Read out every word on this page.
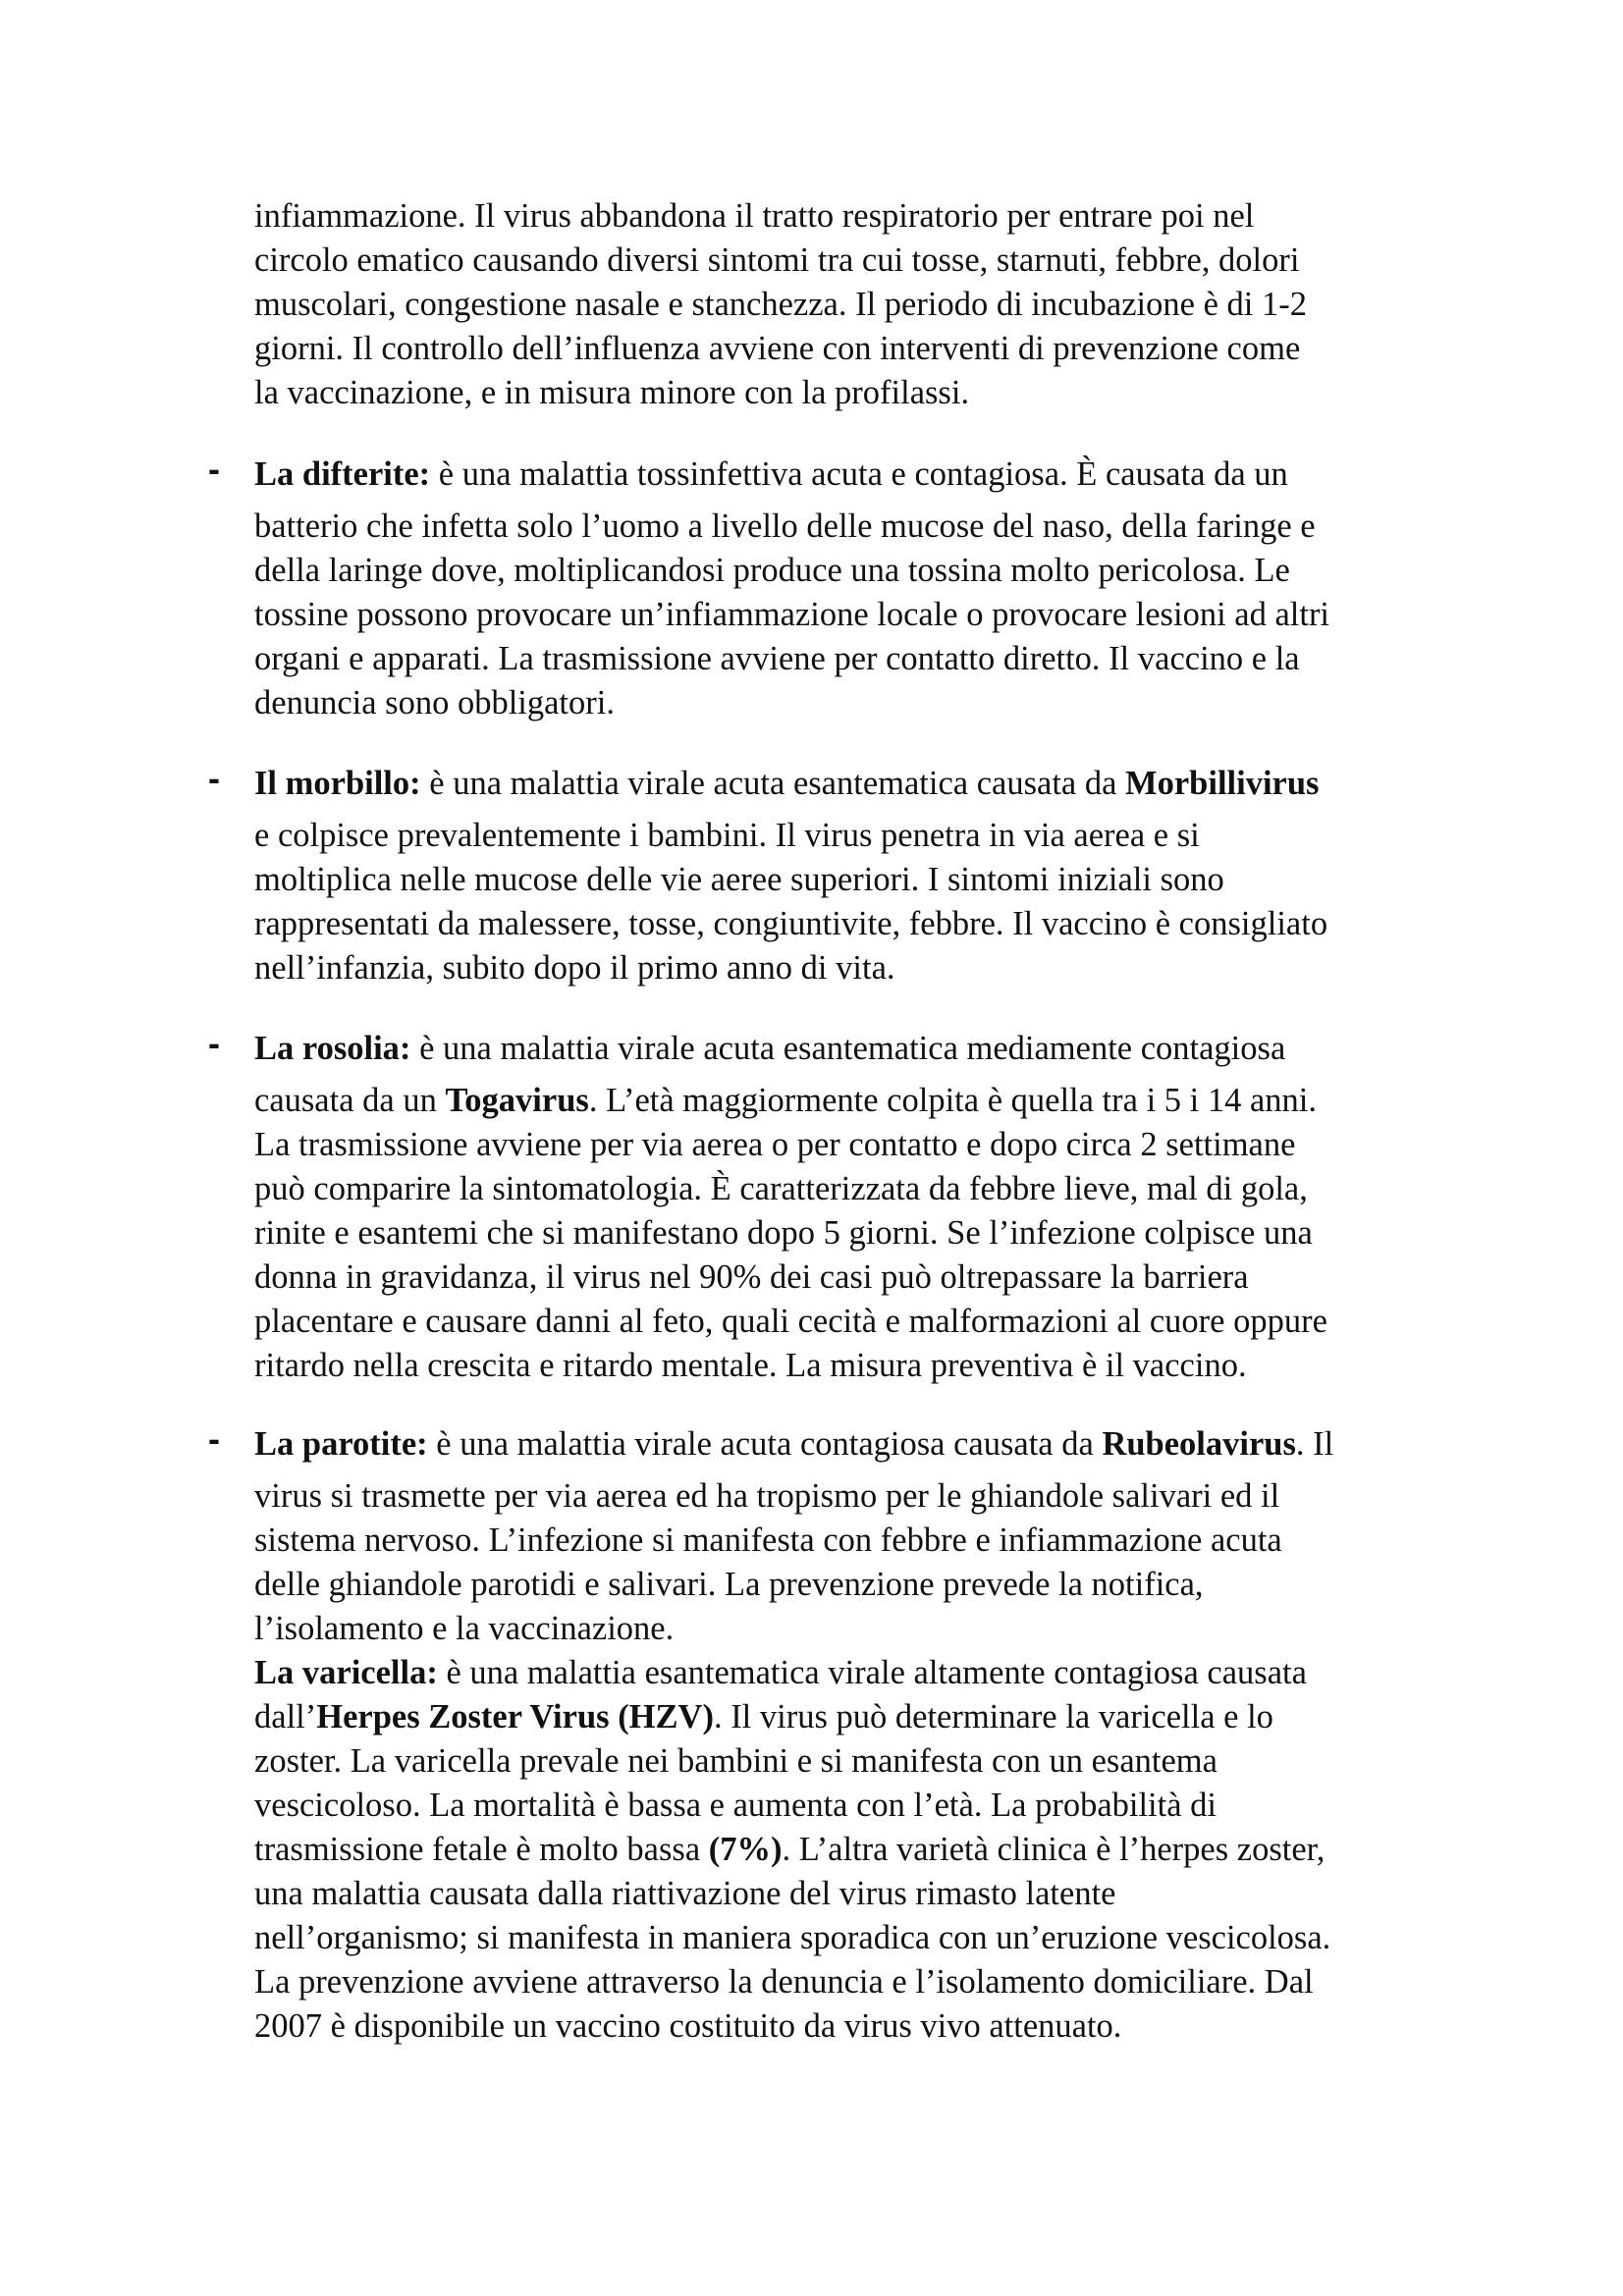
infiammazione. Il virus abbandona il tratto respiratorio per entrare poi nel
circolo ematico causando diversi sintomi tra cui tosse, starnuti, febbre, dolori
muscolari, congestione nasale e stanchezza. Il periodo di incubazione è di 1-2
giorni. Il controllo dell’influenza avviene con interventi di prevenzione come
la vaccinazione, e in misura minore con la profilassi.

- La difterite: è una malattia tossinfettiva acuta e contagiosa. È causata da un
batterio che infetta solo l’uomo a livello delle mucose del naso, della faringe e
della laringe dove, moltiplicandosi produce una tossina molto pericolosa. Le
tossine possono provocare un’infiammazione locale o provocare lesioni ad altri
organi e apparati. La trasmissione avviene per contatto diretto. Il vaccino e la
denuncia sono obbligatori.

- Il morbillo: è una malattia virale acuta esantematica causata da Morbillivirus
e colpisce prevalentemente i bambini. Il virus penetra in via aerea e si
moltiplica nelle mucose delle vie aeree superiori. I sintomi iniziali sono
rappresentati da malessere, tosse, congiuntivite, febbre. Il vaccino è consigliato
nell’infanzia, subito dopo il primo anno di vita.

- La rosolia: è una malattia virale acuta esantematica mediamente contagiosa
causata da un Togavirus. L’età maggiormente colpita è quella tra i 5 i 14 anni.
La trasmissione avviene per via aerea o per contatto e dopo circa 2 settimane
può comparire la sintomatologia. È caratterizzata da febbre lieve, mal di gola,
rinite e esantemi che si manifestano dopo 5 giorni. Se l’infezione colpisce una
donna in gravidanza, il virus nel 90% dei casi può oltrepassare la barriera
placentare e causare danni al feto, quali cecità e malformazioni al cuore oppure
ritardo nella crescita e ritardo mentale. La misura preventiva è il vaccino.

- La parotite: è una malattia virale acuta contagiosa causata da Rubeolavirus. Il
virus si trasmette per via aerea ed ha tropismo per le ghiandole salivari ed il
sistema nervoso. L’infezione si manifesta con febbre e infiammazione acuta
delle ghiandole parotidi e salivari. La prevenzione prevede la notifica,
l’isolamento e la vaccinazione.
La varicella: è una malattia esantematica virale altamente contagiosa causata
dall’Herpes Zoster Virus (HZV). Il virus può determinare la varicella e lo
zoster. La varicella prevale nei bambini e si manifesta con un esantema
vescicoloso. La mortalità è bassa e aumenta con l’età. La probabilità di
trasmissione fetale è molto bassa (7%). L’altra varietà clinica è l’herpes zoster,
una malattia causata dalla riattivazione del virus rimasto latente
nell’organismo; si manifesta in maniera sporadica con un’eruzione vescicolosa.
La prevenzione avviene attraverso la denuncia e l’isolamento domiciliare. Dal
2007 è disponibile un vaccino costituito da virus vivo attenuato.
